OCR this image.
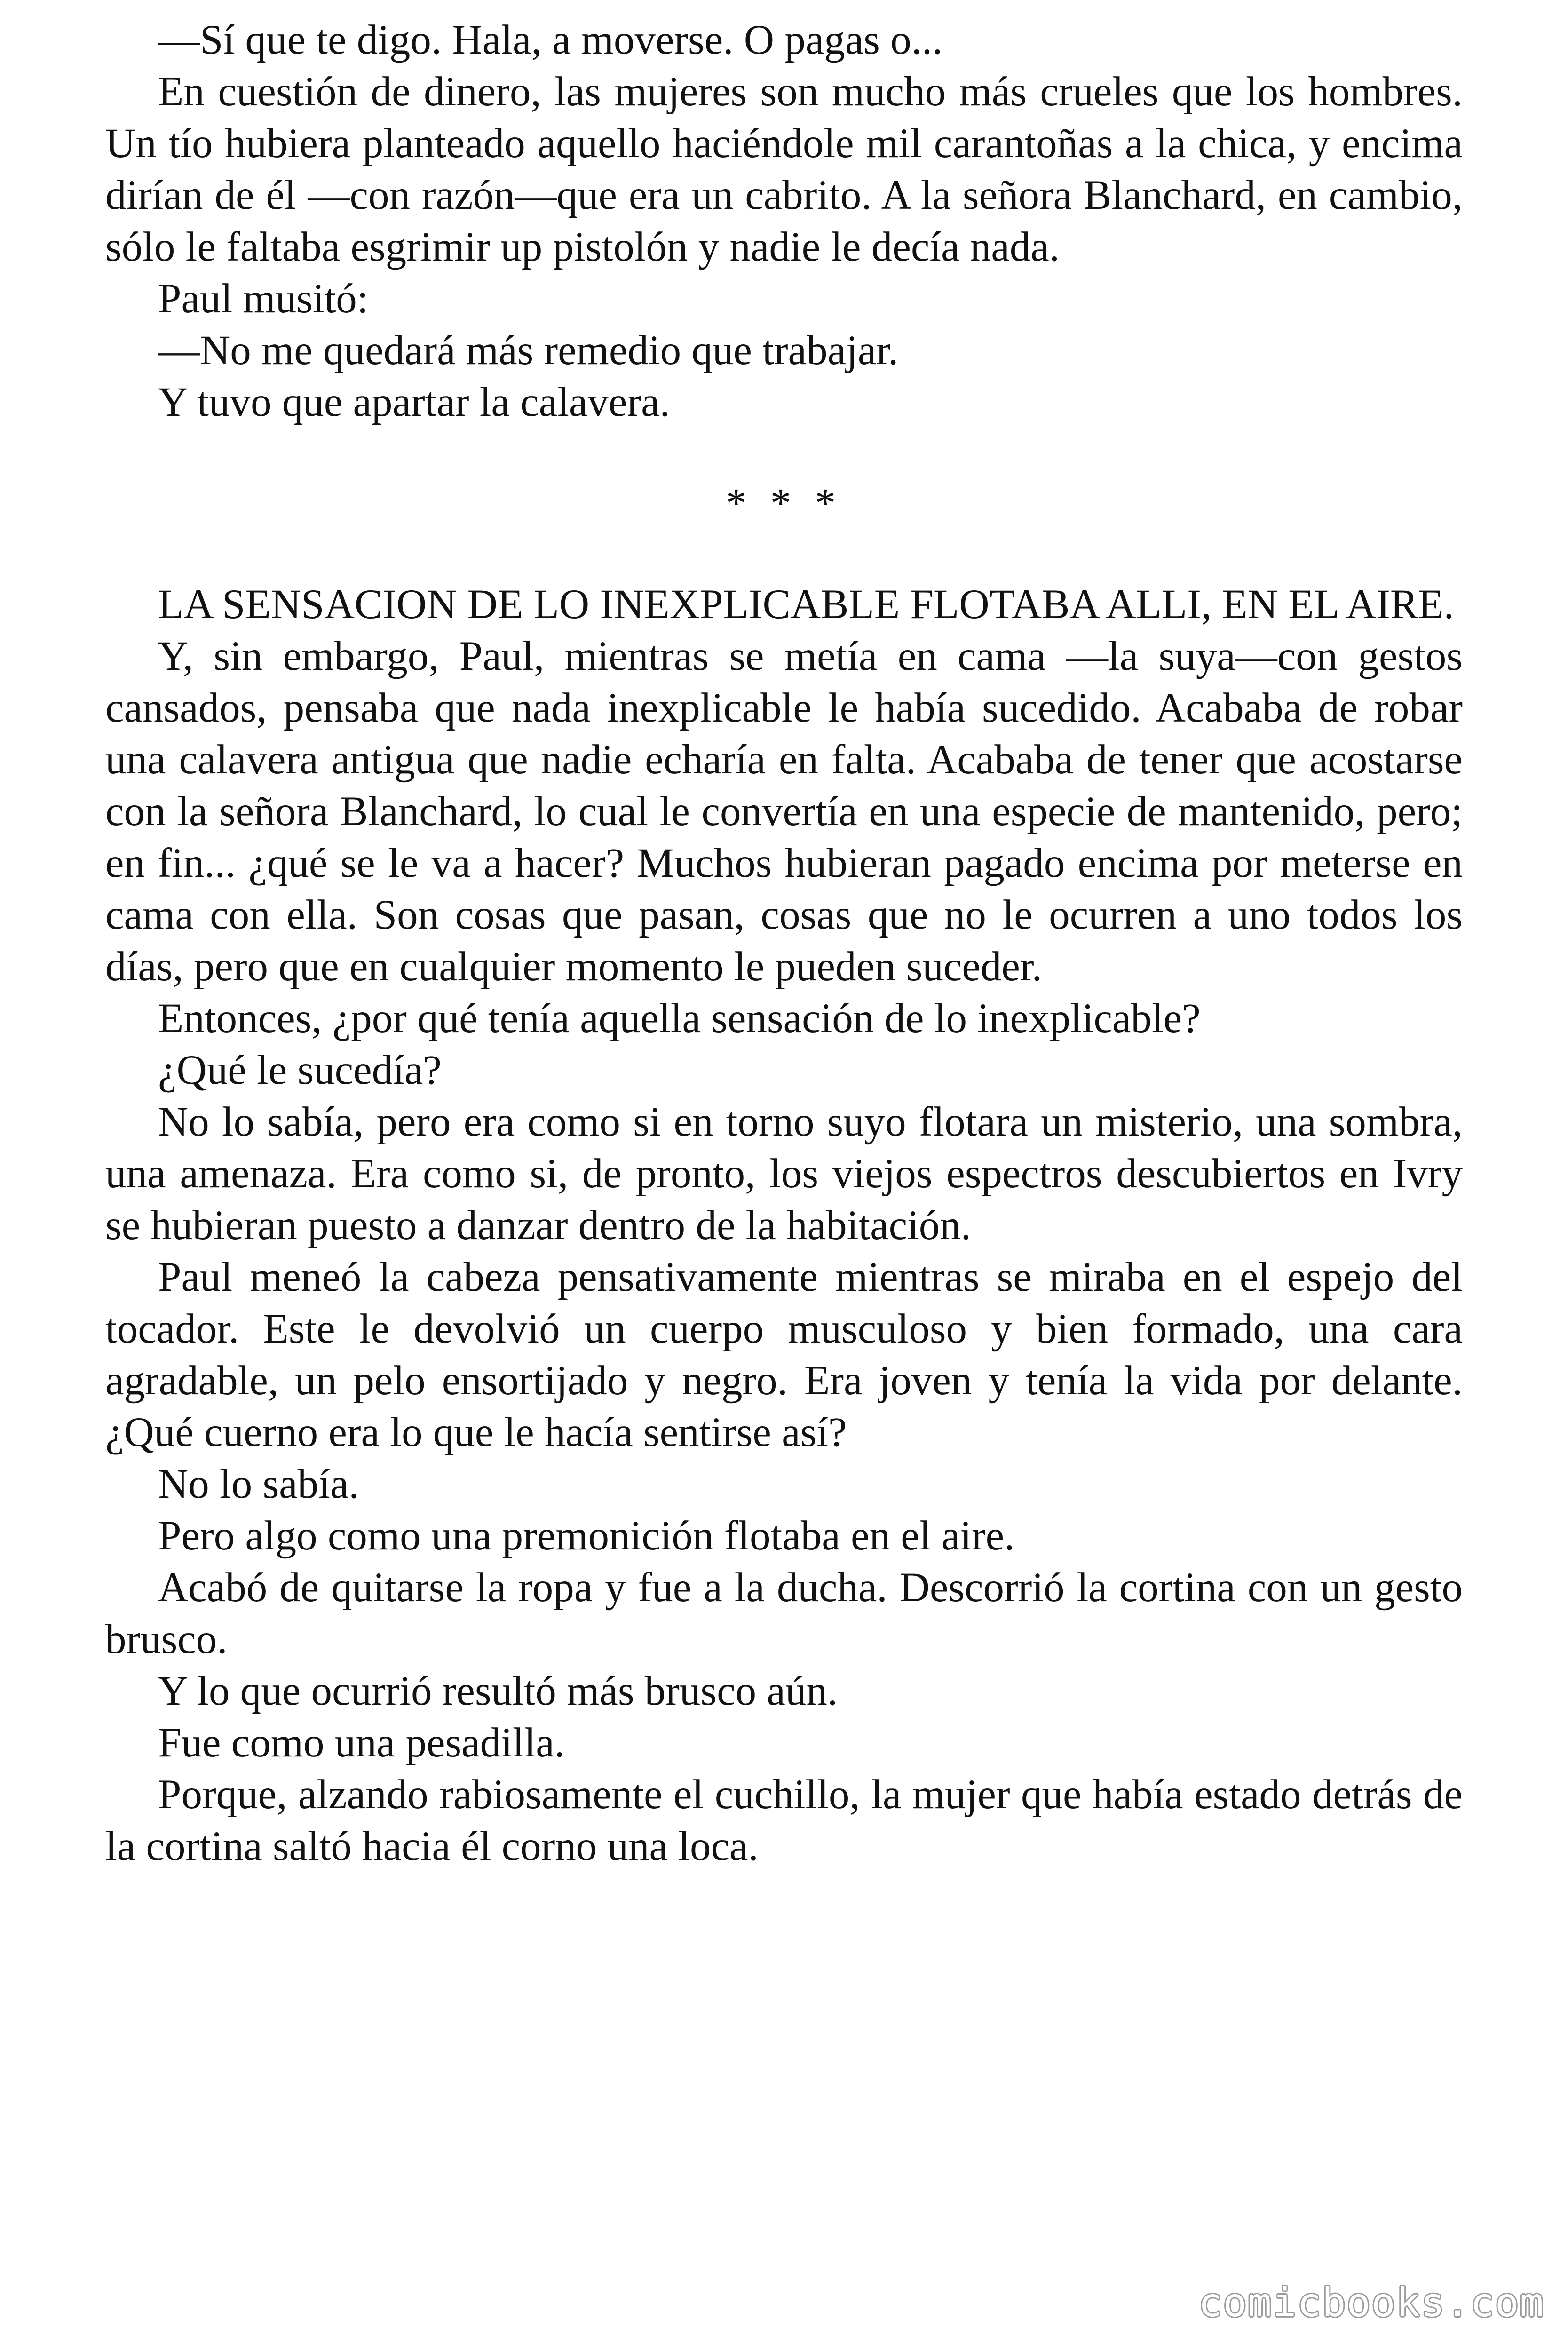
—Sí que te digo. Hala, a moverse. O pagas o...

En cuestión de dinero, las mujeres son mucho más crueles que los hombres. Un tío hubiera planteado aquello haciéndole mil carantoñas a la chica, y encima dirían de él —con razón—que era un cabrito. A la señora Blanchard, en cambio, sólo le faltaba esgrimir up pistolón y nadie le decía nada.

Paul musitó:

—No me quedará más remedio que trabajar.

Y tuvo que apartar la calavera.

* * *

LA SENSACION DE LO INEXPLICABLE FLOTABA ALLI, EN EL AIRE.

Y, sin embargo, Paul, mientras se metía en cama —la suya—con gestos cansados, pensaba que nada inexplicable le había sucedido. Acababa de robar una calavera antigua que nadie echaría en falta. Acababa de tener que acostarse con la señora Blanchard, lo cual le convertía en una especie de mantenido, pero; en fin... ¿qué se le va a hacer? Muchos hubieran pagado encima por meterse en cama con ella. Son cosas que pasan, cosas que no le ocurren a uno todos los días, pero que en cualquier momento le pueden suceder.

Entonces, ¿por qué tenía aquella sensación de lo inexplicable?

¿Qué le sucedía?

No lo sabía, pero era como si en torno suyo flotara un misterio, una sombra, una amenaza. Era como si, de pronto, los viejos espectros descubiertos en Ivry se hubieran puesto a danzar dentro de la habitación.

Paul meneó la cabeza pensativamente mientras se miraba en el espejo del tocador. Este le devolvió un cuerpo musculoso y bien formado, una cara agradable, un pelo ensortijado y negro. Era joven y tenía la vida por delante. ¿Qué cuerno era lo que le hacía sentirse así?

No lo sabía.

Pero algo como una premonición flotaba en el aire.

Acabó de quitarse la ropa y fue a la ducha. Descorrió la cortina con un gesto brusco.

Y lo que ocurrió resultó más brusco aún.

Fue como una pesadilla.

Porque, alzando rabiosamente el cuchillo, la mujer que había estado detrás de la cortina saltó hacia él corno una loca.

comicbooks.com
